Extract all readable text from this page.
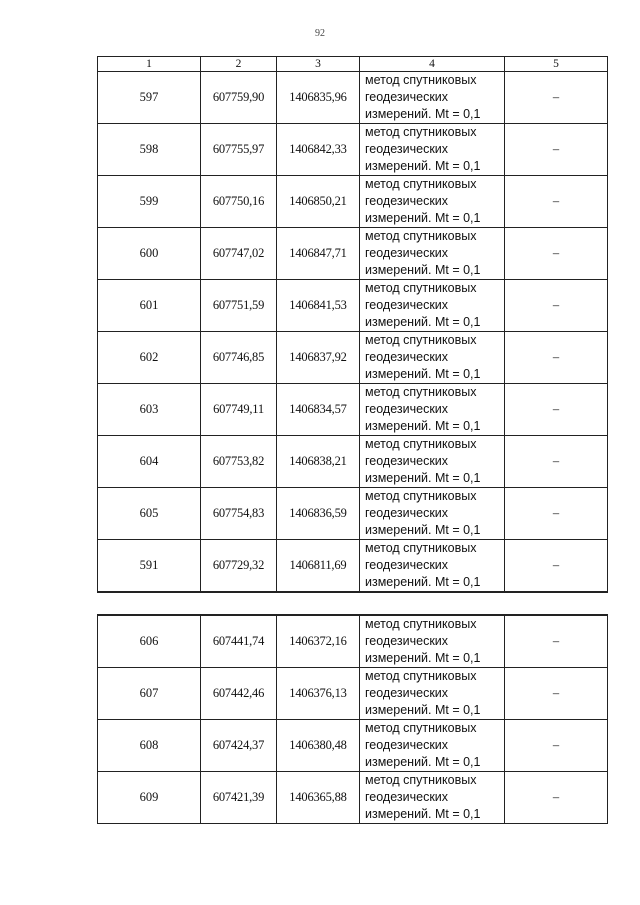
92
1	2	3	4	5
597	607759,90	1406835,96	метод спутниковых
геодезических
измерений. Mt = 0,1	–
598	607755,97	1406842,33	метод спутниковых
геодезических
измерений. Mt = 0,1	–
599	607750,16	1406850,21	метод спутниковых
геодезических
измерений. Mt = 0,1	–
600	607747,02	1406847,71	метод спутниковых
геодезических
измерений. Mt = 0,1	–
601	607751,59	1406841,53	метод спутниковых
геодезических
измерений. Mt = 0,1	–
602	607746,85	1406837,92	метод спутниковых
геодезических
измерений. Mt = 0,1	–
603	607749,11	1406834,57	метод спутниковых
геодезических
измерений. Mt = 0,1	–
604	607753,82	1406838,21	метод спутниковых
геодезических
измерений. Mt = 0,1	–
605	607754,83	1406836,59	метод спутниковых
геодезических
измерений. Mt = 0,1	–
591	607729,32	1406811,69	метод спутниковых
геодезических
измерений. Mt = 0,1	–

606	607441,74	1406372,16	метод спутниковых
геодезических
измерений. Mt = 0,1	–
607	607442,46	1406376,13	метод спутниковых
геодезических
измерений. Mt = 0,1	–
608	607424,37	1406380,48	метод спутниковых
геодезических
измерений. Mt = 0,1	–
609	607421,39	1406365,88	метод спутниковых
геодезических
измерений. Mt = 0,1	–
